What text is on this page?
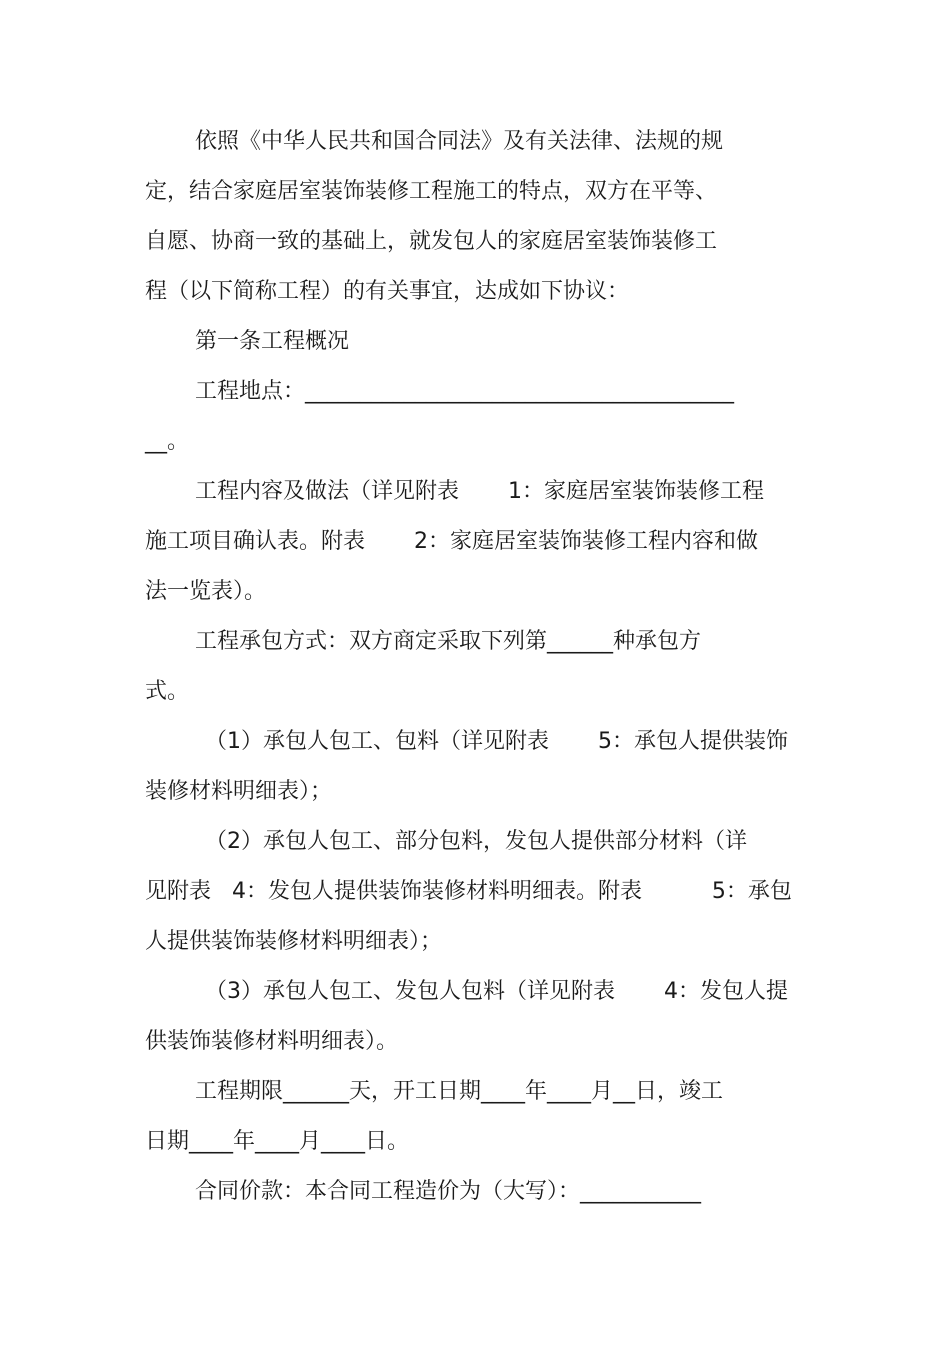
依照《中华人民共和国合同法》及有关法律、法规的规
定，结合家庭居室装饰装修工程施工的特点，双方在平等、
自愿、协商一致的基础上，就发包人的家庭居室装饰装修工
程（以下简称工程）的有关事宜，达成如下协议：
第一条工程概况
工程地点：_______________________________________
__。
工程内容及做法（详见附表       1：家庭居室装饰装修工程
施工项目确认表。附表       2：家庭居室装饰装修工程内容和做
法一览表）。
工程承包方式：双方商定采取下列第______种承包方
式。
（1）承包人包工、包料（详见附表       5：承包人提供装饰
装修材料明细表）；
（2）承包人包工、部分包料，发包人提供部分材料（详
见附表   4：发包人提供装饰装修材料明细表。附表          5：承包
人提供装饰装修材料明细表）；
（3）承包人包工、发包人包料（详见附表       4：发包人提
供装饰装修材料明细表）。
工程期限______天，开工日期____年____月__日，竣工
日期____年____月____日。
合同价款：本合同工程造价为（大写）：___________
